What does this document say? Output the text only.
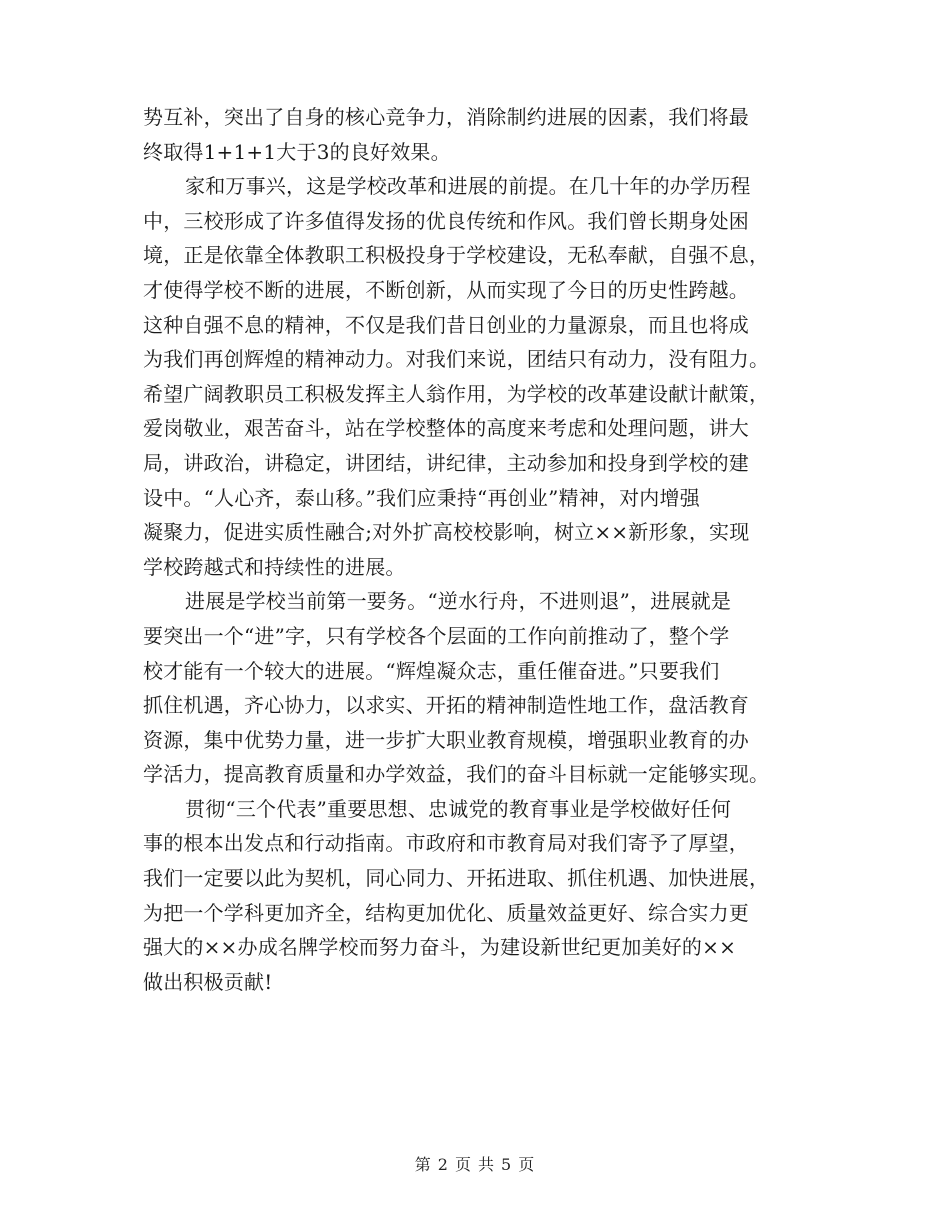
势互补，突出了自身的核心竞争力，消除制约进展的因素，我们将最
终取得1+1+1大于3的良好效果。
家和万事兴，这是学校改革和进展的前提。在几十年的办学历程
中，三校形成了许多值得发扬的优良传统和作风。我们曾长期身处困
境，正是依靠全体教职工积极投身于学校建设，无私奉献，自强不息，
才使得学校不断的进展，不断创新，从而实现了今日的历史性跨越。
这种自强不息的精神，不仅是我们昔日创业的力量源泉，而且也将成
为我们再创辉煌的精神动力。对我们来说，团结只有动力，没有阻力。
希望广阔教职员工积极发挥主人翁作用，为学校的改革建设献计献策，
爱岗敬业，艰苦奋斗，站在学校整体的高度来考虑和处理问题，讲大
局，讲政治，讲稳定，讲团结，讲纪律，主动参加和投身到学校的建
设中。“人心齐，泰山移。”我们应秉持“再创业”精神，对内增强
凝聚力，促进实质性融合;对外扩高校校影响，树立××新形象，实现
学校跨越式和持续性的进展。
进展是学校当前第一要务。“逆水行舟，不进则退”，进展就是
要突出一个“进”字，只有学校各个层面的工作向前推动了，整个学
校才能有一个较大的进展。“辉煌凝众志，重任催奋进。”只要我们
抓住机遇，齐心协力，以求实、开拓的精神制造性地工作，盘活教育
资源，集中优势力量，进一步扩大职业教育规模，增强职业教育的办
学活力，提高教育质量和办学效益，我们的奋斗目标就一定能够实现。
贯彻“三个代表”重要思想、忠诚党的教育事业是学校做好任何
事的根本出发点和行动指南。市政府和市教育局对我们寄予了厚望，
我们一定要以此为契机，同心同力、开拓进取、抓住机遇、加快进展，
为把一个学科更加齐全，结构更加优化、质量效益更好、综合实力更
强大的××办成名牌学校而努力奋斗，为建设新世纪更加美好的××
做出积极贡献!
第 2 页 共 5 页
